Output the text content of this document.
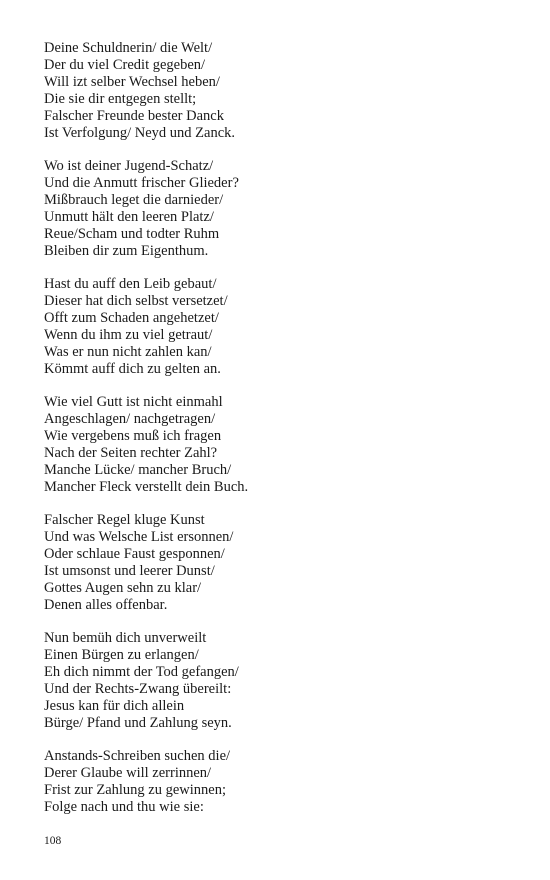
Deine Schuldnerin/ die Welt/
Der du viel Credit gegeben/
Will izt selber Wechsel heben/
Die sie dir entgegen stellt;
Falscher Freunde bester Danck
Ist Verfolgung/ Neyd und Zanck.
Wo ist deiner Jugend-Schatz/
Und die Anmutt frischer Glieder?
Mißbrauch leget die darnieder/
Unmutt hält den leeren Platz/
Reue/Scham und todter Ruhm
Bleiben dir zum Eigenthum.
Hast du auff den Leib gebaut/
Dieser hat dich selbst versetzet/
Offt zum Schaden angehetzet/
Wenn du ihm zu viel getraut/
Was er nun nicht zahlen kan/
Kömmt auff dich zu gelten an.
Wie viel Gutt ist nicht einmahl
Angeschlagen/ nachgetragen/
Wie vergebens muß ich fragen
Nach der Seiten rechter Zahl?
Manche Lücke/ mancher Bruch/
Mancher Fleck verstellt dein Buch.
Falscher Regel kluge Kunst
Und was Welsche List ersonnen/
Oder schlaue Faust gesponnen/
Ist umsonst und leerer Dunst/
Gottes Augen sehn zu klar/
Denen alles offenbar.
Nun bemüh dich unverweilt
Einen Bürgen zu erlangen/
Eh dich nimmt der Tod gefangen/
Und der Rechts-Zwang übereilt:
Jesus kan für dich allein
Bürge/ Pfand und Zahlung seyn.
Anstands-Schreiben suchen die/
Derer Glaube will zerrinnen/
Frist zur Zahlung zu gewinnen;
Folge nach und thu wie sie:
108
